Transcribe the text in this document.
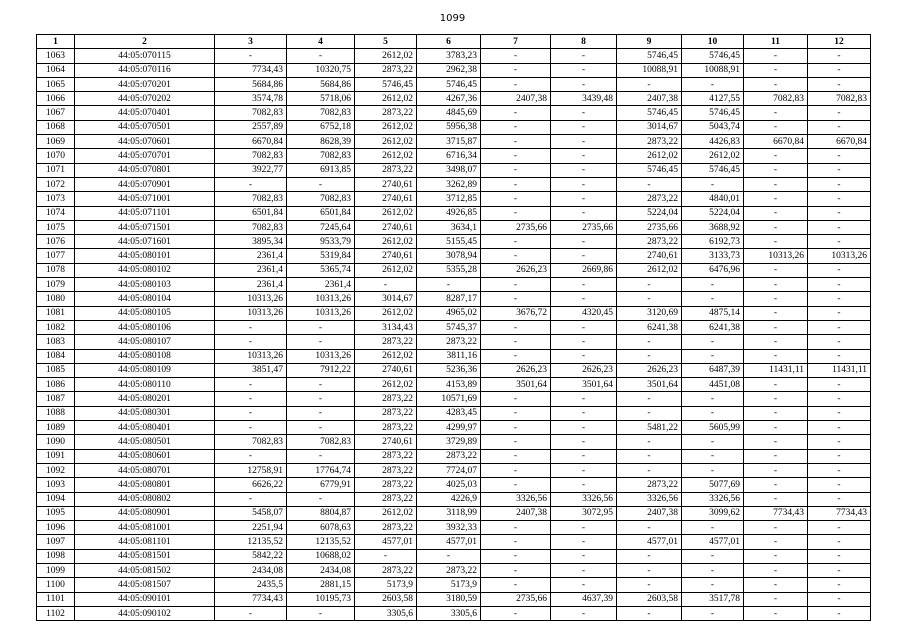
1099
1	2	3	4	5	6	7	8	9	10	11	12
1063	44:05:070115	-	-	2612,02	3783,23	-	-	5746,45	5746,45	-	-
1064	44:05:070116	7734,43	10320,75	2873,22	2962,38	-	-	10088,91	10088,91	-	-
1065	44:05:070201	5684,86	5684,86	5746,45	5746,45	-	-	-	-	-	-
1066	44:05:070202	3574,78	5718,06	2612,02	4267,36	2407,38	3439,48	2407,38	4127,55	7082,83	7082,83
1067	44:05:070401	7082,83	7082,83	2873,22	4845,69	-	-	5746,45	5746,45	-	-
1068	44:05:070501	2557,89	6752,18	2612,02	5956,38	-	-	3014,67	5043,74	-	-
1069	44:05:070601	6670,84	8628,39	2612,02	3715,87	-	-	2873,22	4426,83	6670,84	6670,84
1070	44:05:070701	7082,83	7082,83	2612,02	6716,34	-	-	2612,02	2612,02	-	-
1071	44:05:070801	3922,77	6913,85	2873,22	3498,07	-	-	5746,45	5746,45	-	-
1072	44:05:070901	-	-	2740,61	3262,89	-	-	-	-	-	-
1073	44:05:071001	7082,83	7082,83	2740,61	3712,85	-	-	2873,22	4840,01	-	-
1074	44:05:071101	6501,84	6501,84	2612,02	4926,85	-	-	5224,04	5224,04	-	-
1075	44:05:071501	7082,83	7245,64	2740,61	3634,1	2735,66	2735,66	2735,66	3688,92	-	-
1076	44:05:071601	3895,34	9533,79	2612,02	5155,45	-	-	2873,22	6192,73	-	-
1077	44:05:080101	2361,4	5319,84	2740,61	3078,94	-	-	2740,61	3133,73	10313,26	10313,26
1078	44:05:080102	2361,4	5365,74	2612,02	5355,28	2626,23	2669,86	2612,02	6476,96	-	-
1079	44:05:080103	2361,4	2361,4	-	-	-	-	-	-	-	-
1080	44:05:080104	10313,26	10313,26	3014,67	8287,17	-	-	-	-	-	-
1081	44:05:080105	10313,26	10313,26	2612,02	4965,02	3676,72	4320,45	3120,69	4875,14	-	-
1082	44:05:080106	-	-	3134,43	5745,37	-	-	6241,38	6241,38	-	-
1083	44:05:080107	-	-	2873,22	2873,22	-	-	-	-	-	-
1084	44:05:080108	10313,26	10313,26	2612,02	3811,16	-	-	-	-	-	-
1085	44:05:080109	3851,47	7912,22	2740,61	5236,36	2626,23	2626,23	2626,23	6487,39	11431,11	11431,11
1086	44:05:080110	-	-	2612,02	4153,89	3501,64	3501,64	3501,64	4451,08	-	-
1087	44:05:080201	-	-	2873,22	10571,69	-	-	-	-	-	-
1088	44:05:080301	-	-	2873,22	4283,45	-	-	-	-	-	-
1089	44:05:080401	-	-	2873,22	4299,97	-	-	5481,22	5605,99	-	-
1090	44:05:080501	7082,83	7082,83	2740,61	3729,89	-	-	-	-	-	-
1091	44:05:080601	-	-	2873,22	2873,22	-	-	-	-	-	-
1092	44:05:080701	12758,91	17764,74	2873,22	7724,07	-	-	-	-	-	-
1093	44:05:080801	6626,22	6779,91	2873,22	4025,03	-	-	2873,22	5077,69	-	-
1094	44:05:080802	-	-	2873,22	4226,9	3326,56	3326,56	3326,56	3326,56	-	-
1095	44:05:080901	5458,07	8804,87	2612,02	3118,99	2407,38	3072,95	2407,38	3099,62	7734,43	7734,43
1096	44:05:081001	2251,94	6078,63	2873,22	3932,33	-	-	-	-	-	-
1097	44:05:081101	12135,52	12135,52	4577,01	4577,01	-	-	4577,01	4577,01	-	-
1098	44:05:081501	5842,22	10688,02	-	-	-	-	-	-	-	-
1099	44:05:081502	2434,08	2434,08	2873,22	2873,22	-	-	-	-	-	-
1100	44:05:081507	2435,5	2881,15	5173,9	5173,9	-	-	-	-	-	-
1101	44:05:090101	7734,43	10195,73	2603,58	3180,59	2735,66	4637,39	2603,58	3517,78	-	-
1102	44:05:090102	-	-	3305,6	3305,6	-	-	-	-	-	-
